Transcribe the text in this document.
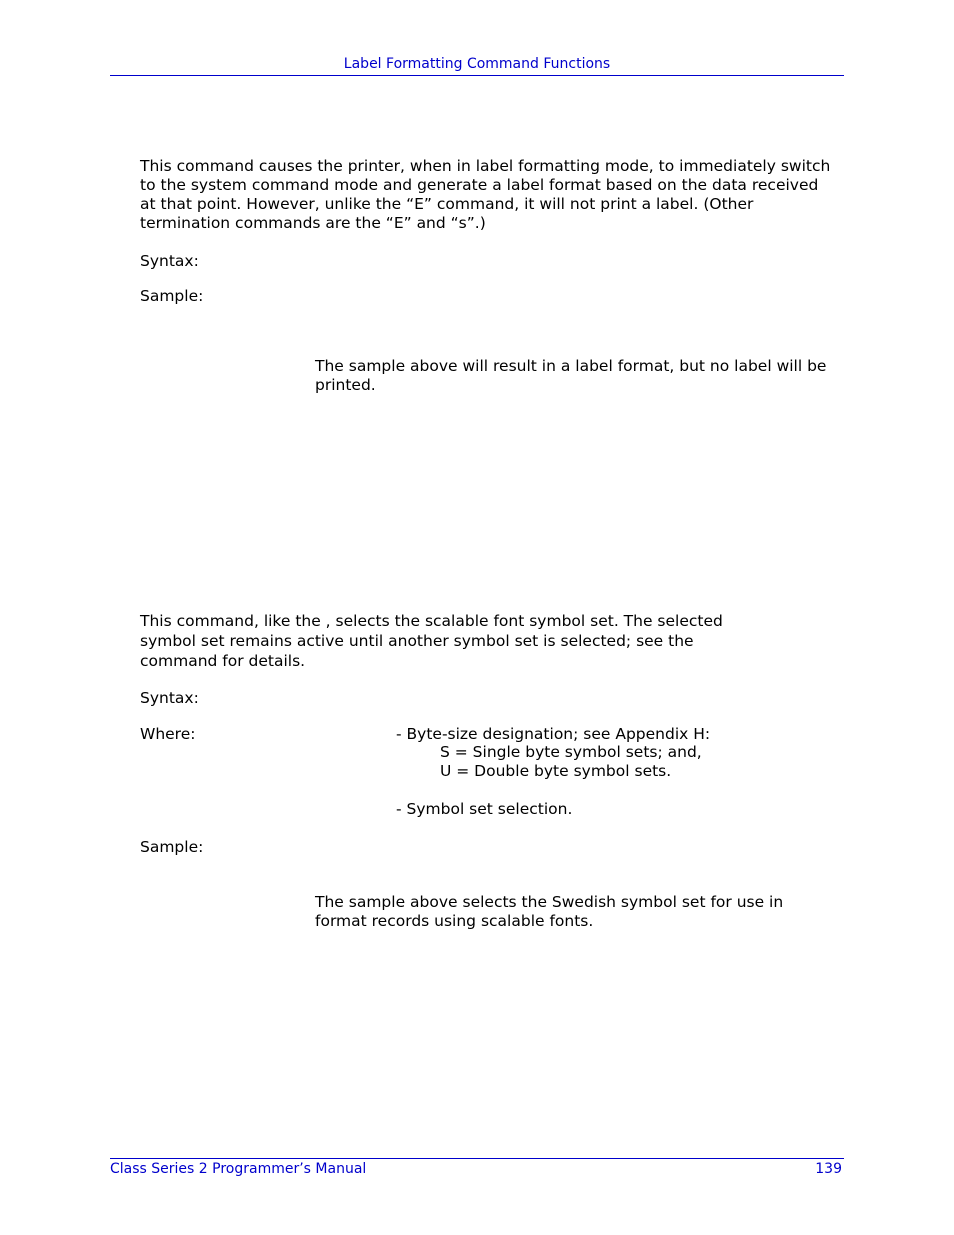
Label Formatting Command Functions
This command causes the printer, when in label formatting mode, to immediately switch
to the system command mode and generate a label format based on the data received
at that point. However, unlike the “E” command, it will not print a label. (Other
termination commands are the “E” and “s”.)
Syntax:
Sample:
The sample above will result in a label format, but no label will be
printed.
This command, like the , selects the scalable font symbol set. The selected
symbol set remains active until another symbol set is selected; see the
command for details.
Syntax:
Where:	- Byte-size designation; see Appendix H:
S = Single byte symbol sets; and,
U = Double byte symbol sets.
- Symbol set selection.
Sample:
The sample above selects the Swedish symbol set for use in
format records using scalable fonts.
Class Series 2 Programmer’s Manual	139
